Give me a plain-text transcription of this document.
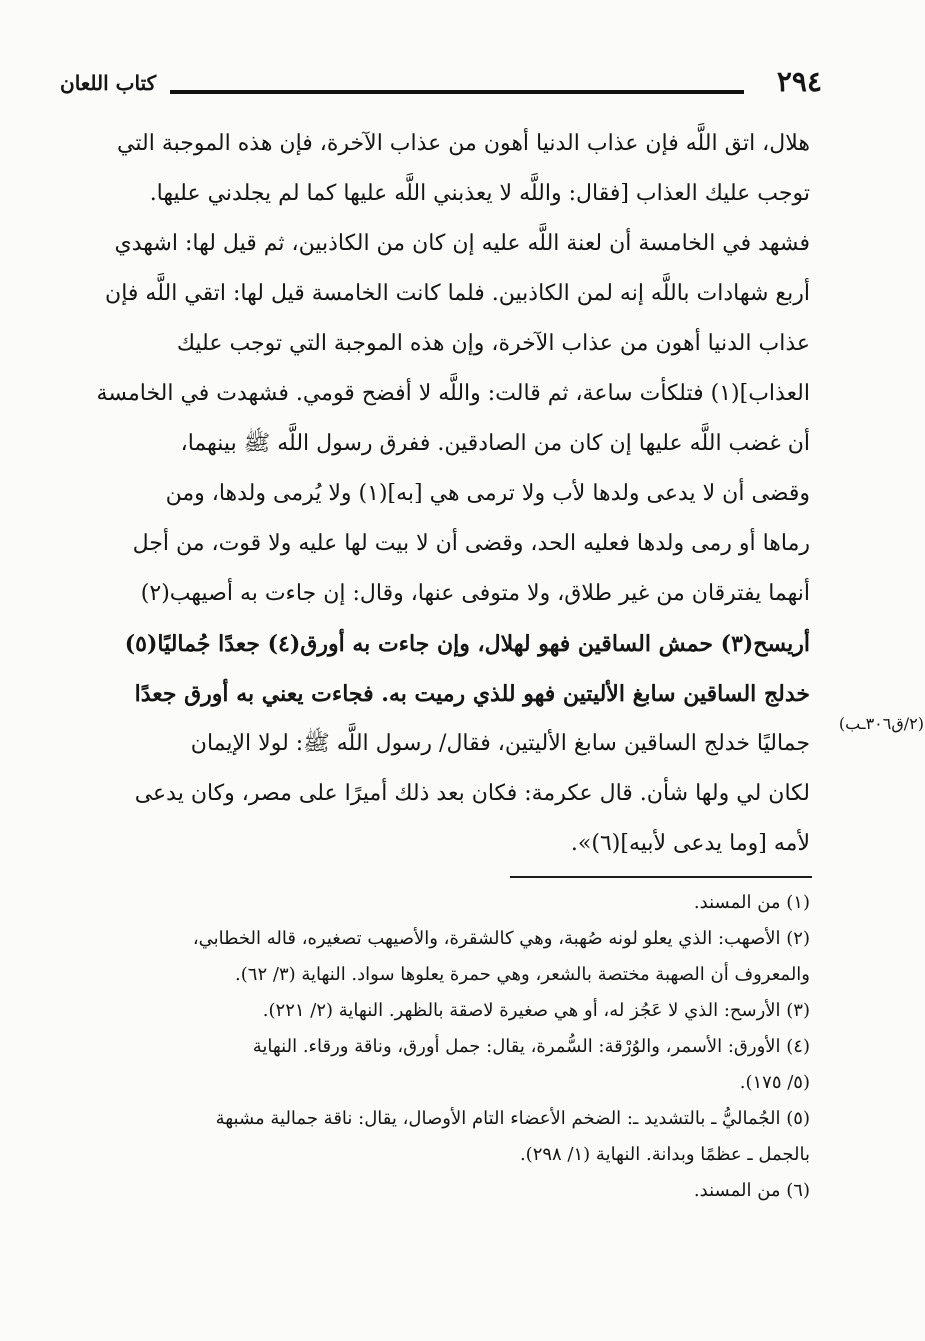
٢٩٤
كتاب اللعان
هلال، اتق اللَّه فإن عذاب الدنيا أهون من عذاب الآخرة، فإن هذه الموجبة التي
توجب عليك العذاب [فقال: واللَّه لا يعذبني اللَّه عليها كما لم يجلدني عليها.
فشهد في الخامسة أن لعنة اللَّه عليه إن كان من الكاذبين، ثم قيل لها: اشهدي
أربع شهادات باللَّه إنه لمن الكاذبين. فلما كانت الخامسة قيل لها: اتقي اللَّه فإن
عذاب الدنيا أهون من عذاب الآخرة، وإن هذه الموجبة التي توجب عليك
العذاب](١) فتلكأت ساعة، ثم قالت: واللَّه لا أفضح قومي. فشهدت في الخامسة
أن غضب اللَّه عليها إن كان من الصادقين. ففرق رسول اللَّه ﷺ بينهما،
وقضى أن لا يدعى ولدها لأب ولا ترمى هي [به](١) ولا يُرمى ولدها، ومن
رماها أو رمى ولدها فعليه الحد، وقضى أن لا بيت لها عليه ولا قوت، من أجل
أنهما يفترقان من غير طلاق، ولا متوفى عنها، وقال: إن جاءت به أصيهب(٢)
أريسح(٣) حمش الساقين فهو لهلال، وإن جاءت به أورق(٤) جعدًا جُماليًا(٥)
خدلج الساقين سابغ الأليتين فهو للذي رميت به. فجاءت يعني به أورق جعدًا
جماليًا خدلج الساقين سابغ الأليتين، فقال/ رسول اللَّه ﷺ: لولا الإيمان
لكان لي ولها شأن. قال عكرمة: فكان بعد ذلك أميرًا على مصر، وكان يدعى
لأمه [وما يدعى لأبيه](٦)».
(٢/ق٣٠٦ـب)
(١) من المسند.
(٢) الأصهب: الذي يعلو لونه صُهبة، وهي كالشقرة، والأصيهب تصغيره، قاله الخطابي،
والمعروف أن الصهبة مختصة بالشعر، وهي حمرة يعلوها سواد. النهاية (٣/ ٦٢).
(٣) الأرسح: الذي لا عَجُز له، أو هي صغيرة لاصقة بالظهر. النهاية (٢/ ٢٢١).
(٤) الأورق: الأسمر، والوُرْقة: السُّمرة، يقال: جمل أورق، وناقة ورقاء. النهاية
(٥/ ١٧٥).
(٥) الجُماليُّ ـ بالتشديد ـ: الضخم الأعضاء التام الأوصال، يقال: ناقة جمالية مشبهة
بالجمل ـ عظمًا وبدانة. النهاية (١/ ٢٩٨).
(٦) من المسند.
